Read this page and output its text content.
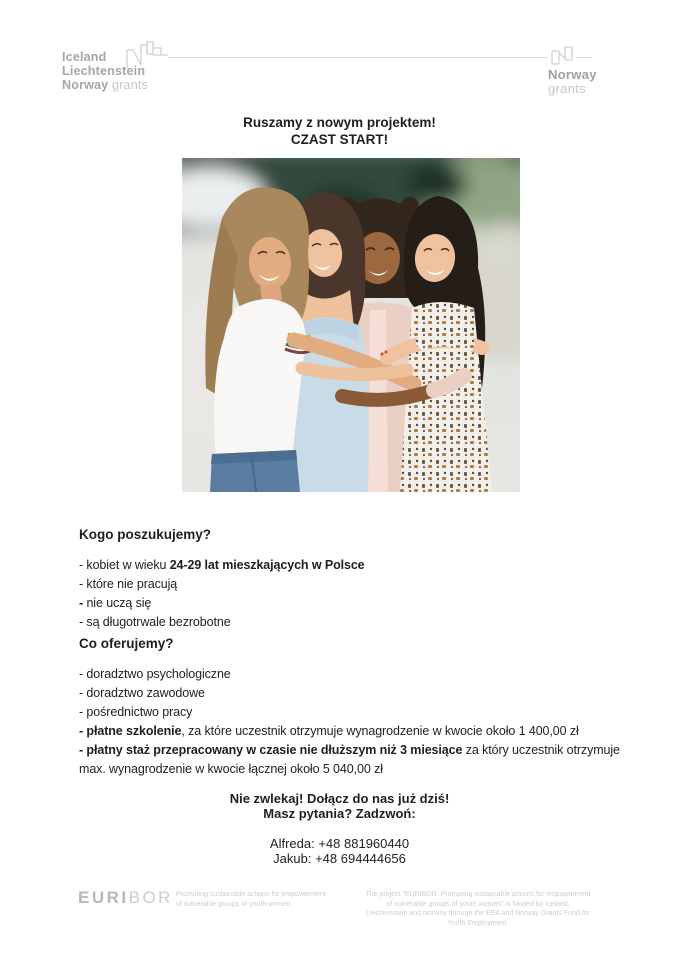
Iceland
Liechtenstein
Norway grants
Norway
grants
Ruszamy z nowym projektem!
CZAST START!
Kogo poszukujemy?
- kobiet w wieku 24-29 lat mieszkających w Polsce
- które nie pracują
- nie uczą się
- są długotrwale bezrobotne
Co oferujemy?
- doradztwo psychologiczne
- doradztwo zawodowe
- pośrednictwo pracy
- płatne szkolenie, za które uczestnik otrzymuje wynagrodzenie w kwocie około 1 400,00 zł
- płatny staż przepracowany w czasie nie dłuższym niż 3 miesiące za który uczestnik otrzymuje max. wynagrodzenie w kwocie łącznej około 5 040,00 zł
Nie zwlekaj! Dołącz do nas już dziś!
Masz pytania? Zadzwoń:
Alfreda: +48 881960440
Jakub: +48 694444656
EURIBOR Promoting sustainable actions for empowerment of vulnerable groups of youth women
The project “EURIBOR: Promoting sustainable actions for empowerment of vulnerable groups of youth women” is funded by Iceland, Liechtenstein and Norway through the EEA and Norway Grants Fund for Youth Employment.
